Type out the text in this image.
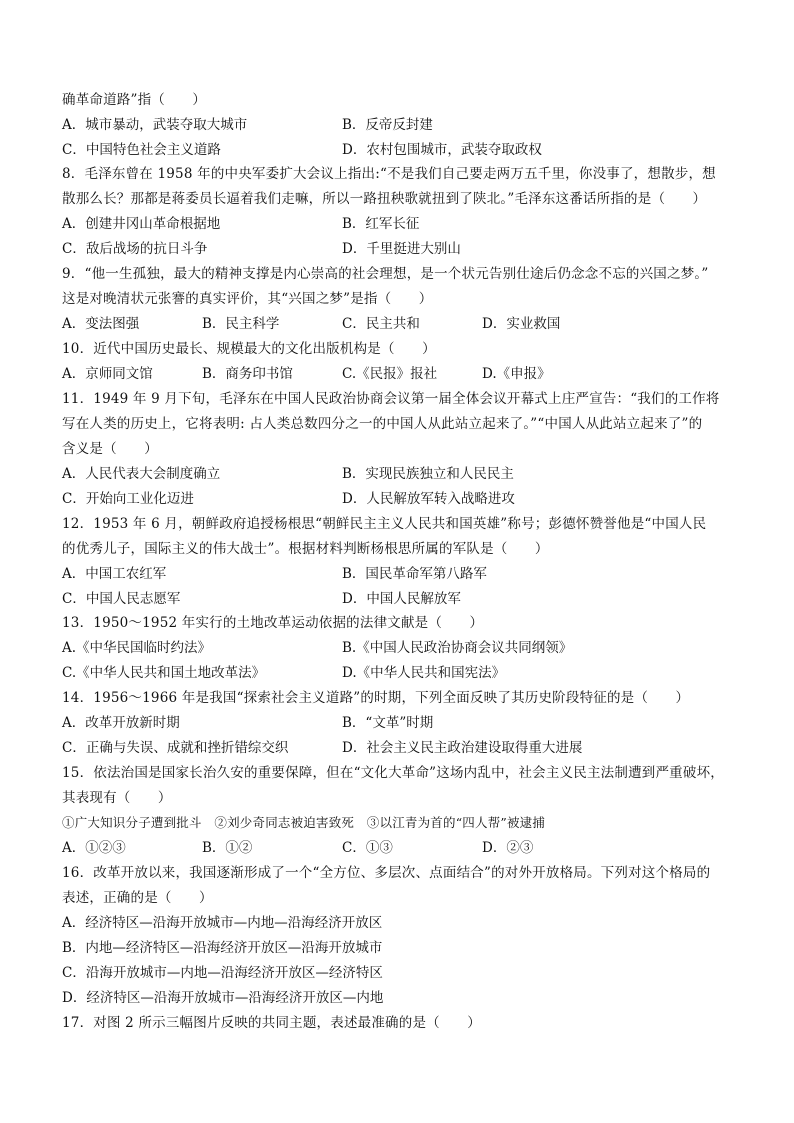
确革命道路”指（　　）
A．城市暴动，武装夺取大城市	B．反帝反封建
C．中国特色社会主义道路	D．农村包围城市，武装夺取政权
8．毛泽东曾在 1958 年的中央军委扩大会议上指出:“不是我们自己要走两万五千里，你没事了，想散步，想
散那么长？那都是蒋委员长逼着我们走嘛，所以一路扭秧歌就扭到了陕北。”毛泽东这番话所指的是（　　）
A．创建井冈山革命根据地	B．红军长征
C．敌后战场的抗日斗争	D．千里挺进大别山
9．“他一生孤独，最大的精神支撑是内心崇高的社会理想，是一个状元告别仕途后仍念念不忘的兴国之梦。”
这是对晚清状元张謇的真实评价，其“兴国之梦”是指（　　）
A．变法图强	B．民主科学	C．民主共和	D．实业救国
10．近代中国历史最长、规模最大的文化出版机构是（　　）
A．京师同文馆	B．商务印书馆	C.《民报》报社	D.《申报》
11．1949 年 9 月下旬，毛泽东在中国人民政治协商会议第一届全体会议开幕式上庄严宣告：“我们的工作将
写在人类的历史上，它将表明: 占人类总数四分之一的中国人从此站立起来了。”“中国人从此站立起来了”的
含义是（　　）
A．人民代表大会制度确立	B．实现民族独立和人民民主
C．开始向工业化迈进	D．人民解放军转入战略进攻
12．1953 年 6 月，朝鲜政府追授杨根思“朝鲜民主主义人民共和国英雄”称号；彭德怀赞誉他是“中国人民
的优秀儿子，国际主义的伟大战士”。根据材料判断杨根思所属的军队是（　　）
A．中国工农红军	B．国民革命军第八路军
C．中国人民志愿军	D．中国人民解放军
13．1950～1952 年实行的土地改革运动依据的法律文献是（　　）
A.《中华民国临时约法》	B.《中国人民政治协商会议共同纲领》
C.《中华人民共和国土地改革法》	D.《中华人民共和国宪法》
14．1956～1966 年是我国“探索社会主义道路”的时期，下列全面反映了其历史阶段特征的是（　　）
A．改革开放新时期	B．“文革”时期
C．正确与失误、成就和挫折错综交织	D．社会主义民主政治建设取得重大进展
15．依法治国是国家长治久安的重要保障，但在“文化大革命”这场内乱中，社会主义民主法制遭到严重破坏，
其表现有（　　）
①广大知识分子遭到批斗　②刘少奇同志被迫害致死　③以江青为首的“四人帮”被逮捕
A．①②③	B．①②	C．①③	D．②③
16．改革开放以来，我国逐渐形成了一个“全方位、多层次、点面结合”的对外开放格局。下列对这个格局的
表述，正确的是（　　）
A．经济特区—沿海开放城市—内地—沿海经济开放区
B．内地—经济特区—沿海经济开放区—沿海开放城市
C．沿海开放城市—内地—沿海经济开放区—经济特区
D．经济特区—沿海开放城市—沿海经济开放区—内地
17．对图 2 所示三幅图片反映的共同主题，表述最准确的是（　　）
